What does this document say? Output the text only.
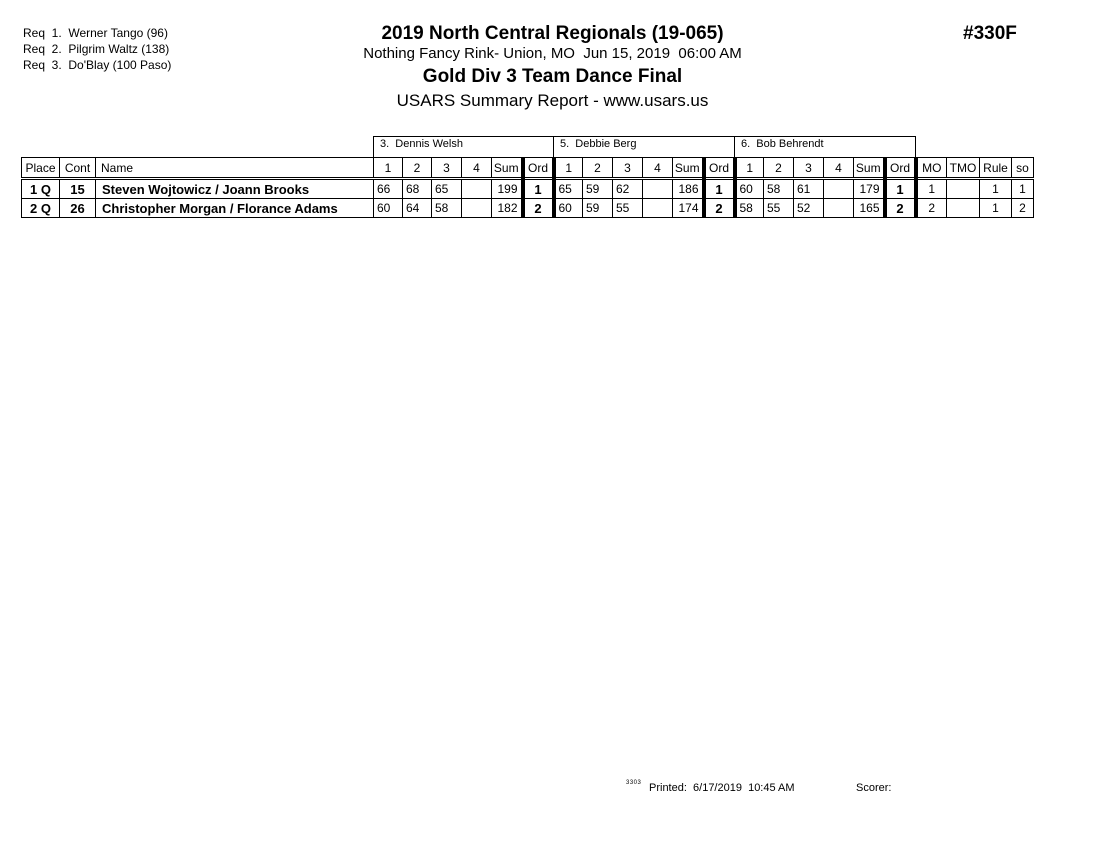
Req  1.  Werner Tango (96)
Req  2.  Pilgrim Waltz (138)
Req  3.  Do'Blay (100 Paso)
2019 North Central Regionals (19-065)
Nothing Fancy Rink- Union, MO  Jun 15, 2019  06:00 AM
Gold Div 3 Team Dance Final
USARS Summary Report - www.usars.us
#330F
3.  Dennis Welsh	5.  Debbie Berg	6.  Bob Behrendt
Place	Cont	Name	1	2	3	4	Sum	Ord	1	2	3	4	Sum	Ord	1	2	3	4	Sum	Ord	MO	TMO	Rule	so
1 Q	15	Steven Wojtowicz / Joann Brooks	66	68	65		199	1	65	59	62		186	1	60	58	61		179	1	1		1	1
2 Q	26	Christopher Morgan / Florance Adams	60	64	58		182	2	60	59	55		174	2	58	55	52		165	2	2		1	2
3303 Printed:  6/17/2019  10:45 AM	Scorer:
